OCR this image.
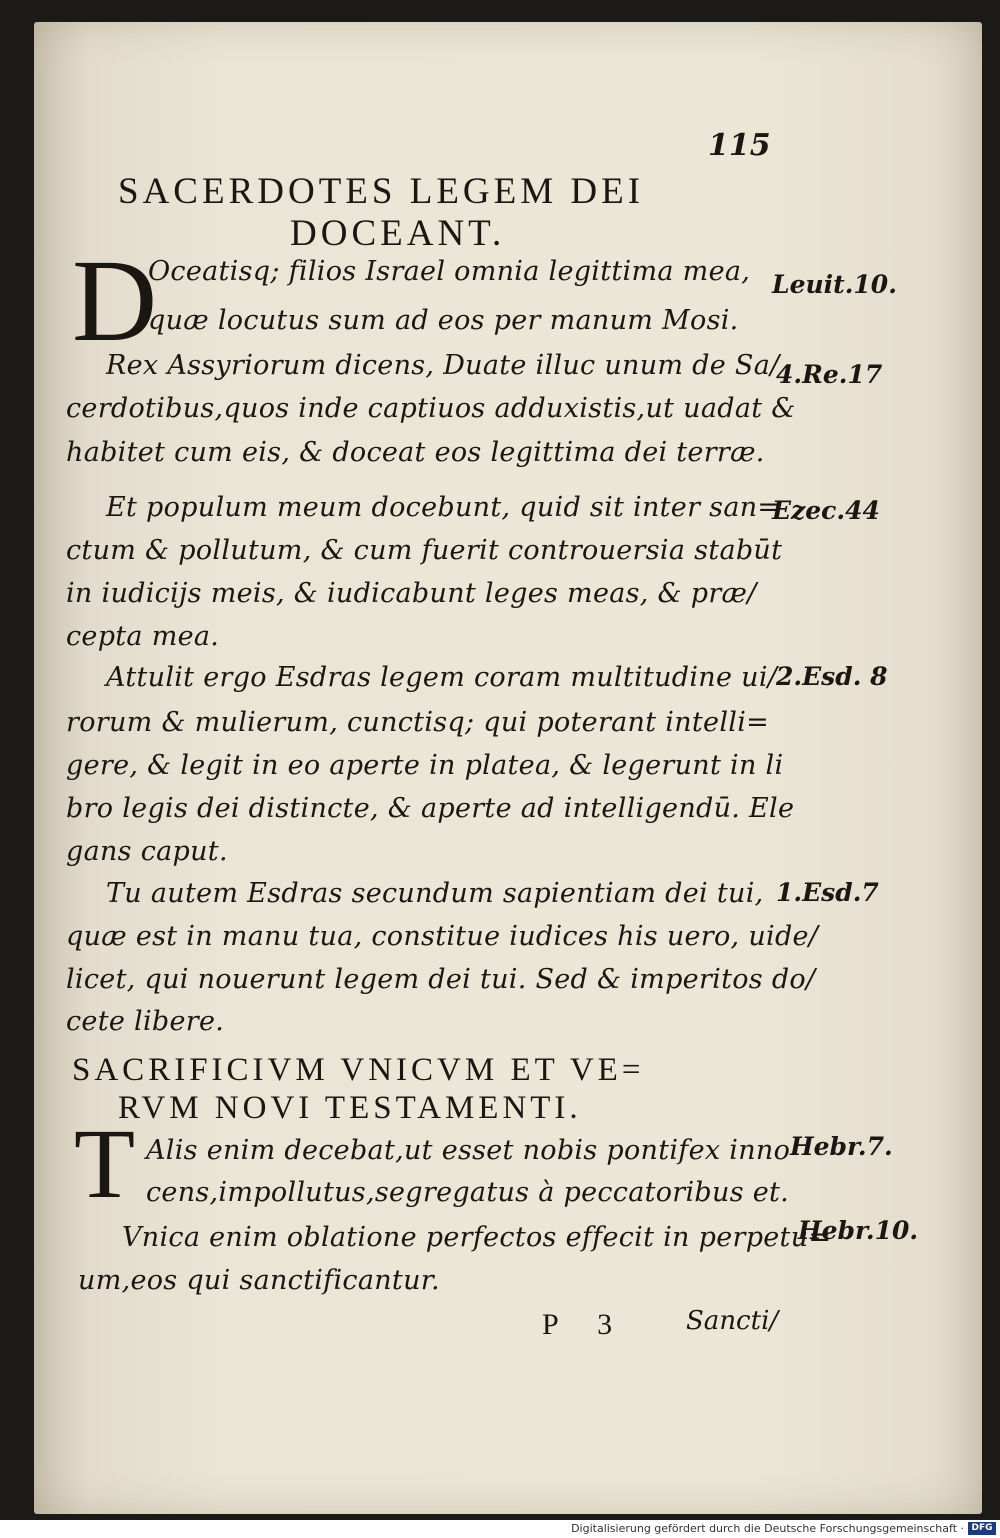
115
SACERDOTES LEGEM DEI
DOCEANT.
D
Oceatisq; filios Israel omnia legittima mea,
quæ locutus sum ad eos per manum Mosi.
Rex Assyriorum dicens, Duate illuc unum de Sa/
cerdotibus,quos inde captiuos adduxistis,ut uadat &
habitet cum eis, & doceat eos legittima dei terræ.
Et populum meum docebunt, quid sit inter san=
ctum & pollutum, & cum fuerit controuersia stabūt
in iudicijs meis, & iudicabunt leges meas, & præ/
cepta mea.
Attulit ergo Esdras legem coram multitudine ui/
rorum & mulierum, cunctisq; qui poterant intelli=
gere, & legit in eo aperte in platea, & legerunt in li
bro legis dei distincte, & aperte ad intelligendū. Ele
gans caput.
Tu autem Esdras secundum sapientiam dei tui,
quæ est in manu tua, constitue iudices his uero, uide/
licet, qui nouerunt legem dei tui. Sed & imperitos do/
cete libere.
SACRIFICIVM VNICVM ET VE=
RVM NOVI TESTAMENTI.
T Alis enim decebat,ut esset nobis pontifex inno
cens,impollutus,segregatus à peccatoribus et.
Vnica enim oblatione perfectos effecit in perpetu=
um,eos qui sanctificantur.
Leuit.10.
4.Re.17
Ezec.44
2.Esd. 8
1.Esd.7
Hebr.7.
Hebr.10.
P 3 Sancti/
Digitalisierung gefördert durch die Deutsche Forschungsgemeinschaft · DFG
